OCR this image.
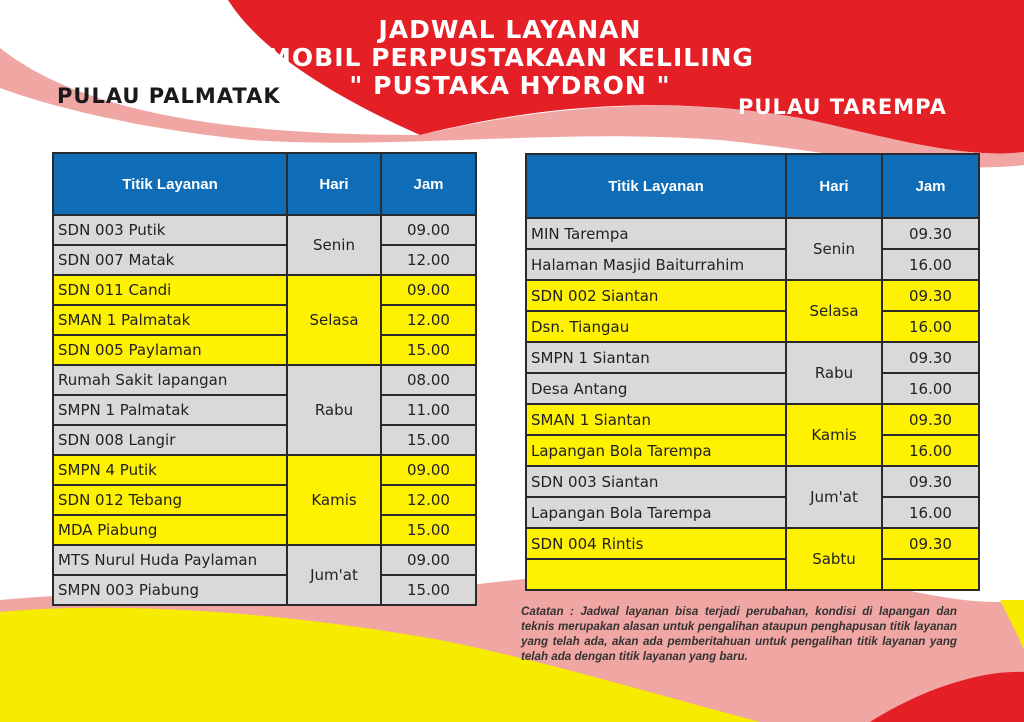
JADWAL LAYANAN
MOBIL PERPUSTAKAAN KELILING
" PUSTAKA HYDRON "
PULAU PALMATAK	PULAU TAREMPA
Titik Layanan	Hari	Jam
SDN 003 Putik	Senin	09.00
SDN 007 Matak		12.00
SDN 011 Candi	Selasa	09.00
SMAN 1 Palmatak		12.00
SDN 005 Paylaman		15.00
Rumah Sakit lapangan	Rabu	08.00
SMPN 1 Palmatak		11.00
SDN 008 Langir		15.00
SMPN 4 Putik	Kamis	09.00
SDN 012 Tebang		12.00
MDA Piabung		15.00
MTS Nurul Huda Paylaman	Jum'at	09.00
SMPN 003 Piabung		15.00
Titik Layanan	Hari	Jam
MIN Tarempa	Senin	09.30
Halaman Masjid Baiturrahim		16.00
SDN 002 Siantan	Selasa	09.30
Dsn. Tiangau		16.00
SMPN 1 Siantan	Rabu	09.30
Desa Antang		16.00
SMAN 1 Siantan	Kamis	09.30
Lapangan Bola Tarempa		16.00
SDN 003 Siantan	Jum'at	09.30
Lapangan Bola Tarempa		16.00
SDN 004 Rintis	Sabtu	09.30

Catatan : Jadwal layanan bisa terjadi perubahan, kondisi di lapangan dan teknis merupakan alasan untuk pengalihan ataupun penghapusan titik layanan yang telah ada, akan ada pemberitahuan untuk pengalihan titik layanan yang telah ada dengan titik layanan yang baru.
